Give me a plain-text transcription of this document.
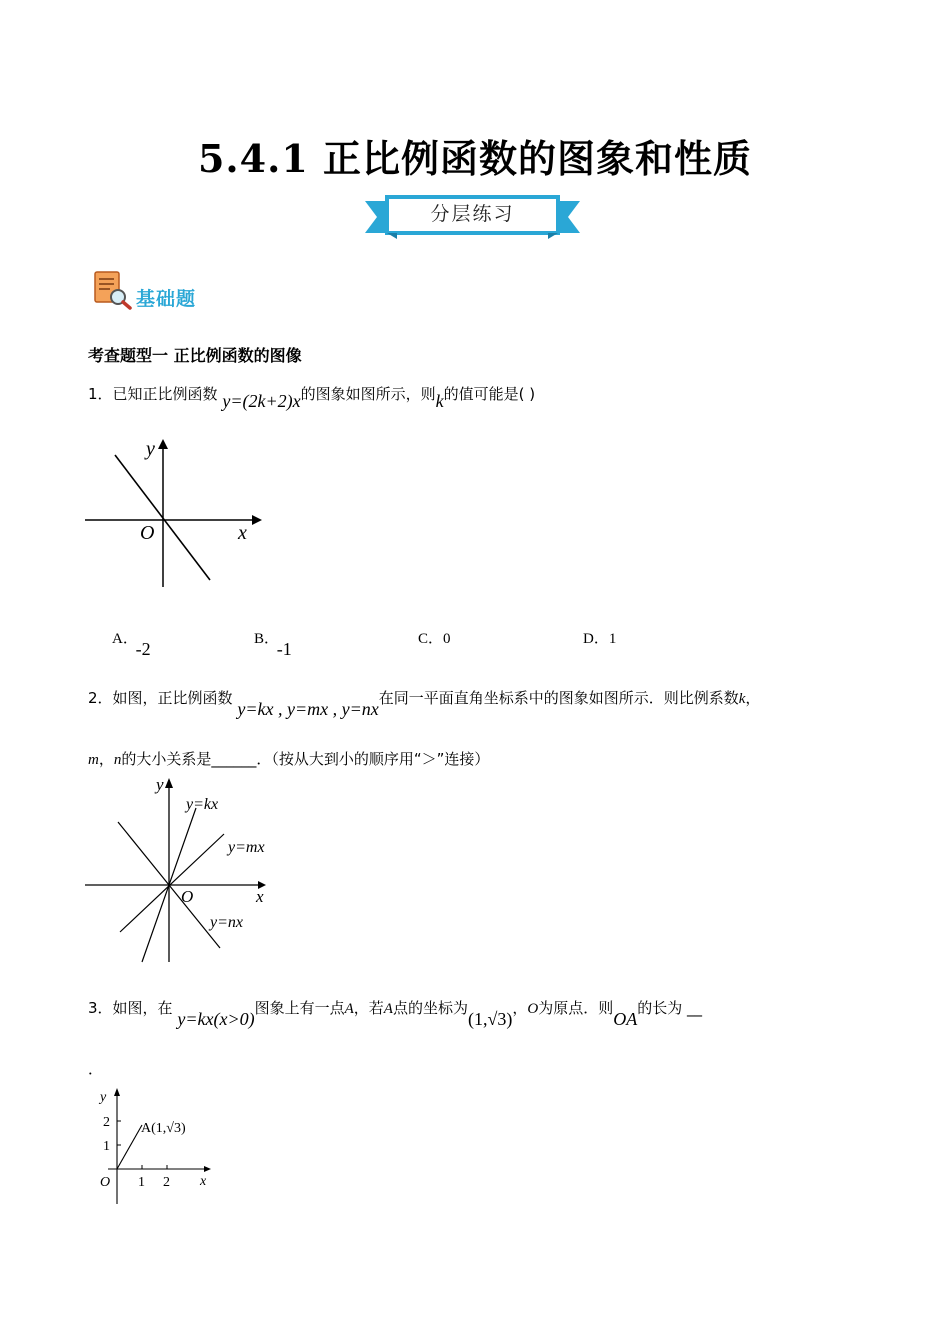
5.4.1 正比例函数的图象和性质
分层练习
基础题
考查题型一 正比例函数的图像
1．已知正比例函数 y=(2k+2)x的图象如图所示，则k的值可能是( )
y
x
O
A． -2	B． -1	C．0	D．1
2．如图，正比例函数 y=kx , y=mx , y=nx在同一平面直角坐标系中的图象如图所示．则比例系数k，
m，n的大小关系是______．（按从大到小的顺序用“＞”连接）
y
x
O
y=kx
y=mx
y=nx
3．如图，在 y=kx(x>0)图象上有一点A，若A点的坐标为(1,√3)，O为原点．则OA的长为 __
．
y
x
O
1
2
1 2
A(1,√3)
